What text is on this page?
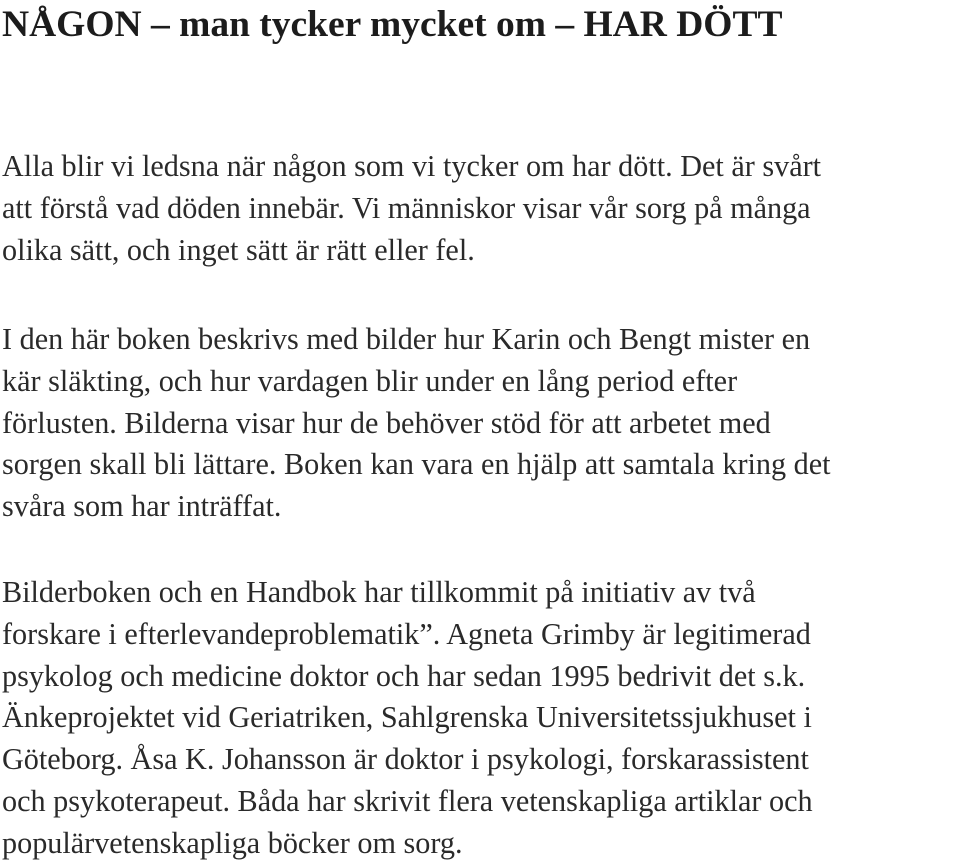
NÅGON – man tycker mycket om – HAR DÖTT

Alla blir vi ledsna när någon som vi tycker om har dött. Det är svårt
att förstå vad döden innebär. Vi människor visar vår sorg på många
olika sätt, och inget sätt är rätt eller fel.

I den här boken beskrivs med bilder hur Karin och Bengt mister en
kär släkting, och hur vardagen blir under en lång period efter
förlusten. Bilderna visar hur de behöver stöd för att arbetet med
sorgen skall bli lättare. Boken kan vara en hjälp att samtala kring det
svåra som har inträffat.

Bilderboken och en Handbok har tillkommit på initiativ av två
forskare i efterlevandeproblematik”. Agneta Grimby är legitimerad
psykolog och medicine doktor och har sedan 1995 bedrivit det s.k.
Änkeprojektet vid Geriatriken, Sahlgrenska Universitetssjukhuset i
Göteborg. Åsa K. Johansson är doktor i psykologi, forskarassistent
och psykoterapeut. Båda har skrivit flera vetenskapliga artiklar och
populärvetenskapliga böcker om sorg.
